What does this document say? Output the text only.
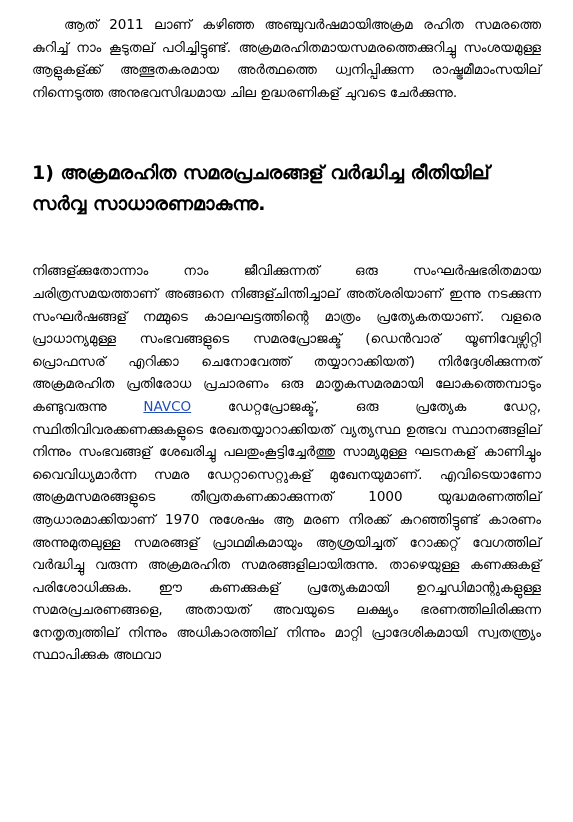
ആത് 2011 ലാണ് കഴിഞ്ഞ അഞ്ചുവര്‍ഷമായിഅക്രമ രഹിത സമരത്തെ കുറിച്ച് നാം കൂടുതല് പഠിച്ചിട്ടുണ്ട്. അക്രമരഹിതമായസമരത്തെക്കുറിച്ചു സംശയമുള്ള ആളുകള്ക്ക് അത്ഭുതകരമായ അര്‍ത്ഥത്തെ ധ്വനിപ്പിക്കുന്ന രാഷ്ട്രമീമാംസയില് നിന്നെടുത്ത അനുഭവസിദ്ധമായ ചില ഉദ്ധരണികള് ചുവടെ ചേര്‍ക്കുന്നു.

1) അക്രമരഹിത സമരപ്രചരങ്ങള് വര്‍ദ്ധിച്ച രീതിയില് സര്‍വ്വ സാധാരണമാകുന്നു.

നിങ്ങള്ക്കുതോന്നാം നാം ജീവിക്കുന്നത് ഒരു സംഘര്‍ഷഭരിതമായ ചരിത്രസമയത്താണ് അങ്ങനെ നിങ്ങള്ചിന്തിച്ചാല് അത്ശരിയാണ് ഇന്നു നടക്കുന്ന സംഘര്‍ഷങ്ങള് നമ്മുടെ കാലഘട്ടത്തിന്റെ മാത്രം പ്രത്യേകതയാണ്. വളരെ പ്രാധാന്യമുള്ള സംഭവങ്ങളുടെ സമരപ്രോജക്ട് (ഡെന്‍വാര് യൂണിവേഴ്സിറ്റി പ്രൊഫസര് എറിക്കാ ചെനോവേത്ത് തയ്യാറാക്കിയത്) നിര്‍ദ്ദേശിക്കുന്നത് അക്രമരഹിത പ്രതിരോധ പ്രചാരണം ഒരു മാതൃകസമരമായി ലോകത്തെമ്പാടും കണ്ടുവരുന്നു NAVCO ഡേറ്റപ്രോജക്ട്, ഒരു പ്രത്യേക ഡേറ്റ, സ്ഥിതിവിവരക്കണക്കുകളുടെ രേഖതയ്യാറാക്കിയത് വ്യത്യസ്ഥ ഉത്ഭവ സ്ഥാനങ്ങളില് നിന്നും സംഭവങ്ങള് ശേഖരിച്ചു പലതുംകൂട്ടിച്ചേര്‍ത്തു സാമ്യമുള്ള ഘടനകള് കാണിച്ചും വൈവിധ്യമാര്‍ന്ന സമര ഡേറ്റാസെറ്റുകള് മുഖേനയുമാണ്. എവിടെയാണോ അക്രമസമരങ്ങളുടെ തീവ്രതകണക്കാക്കുന്നത് 1000 യുദ്ധമരണത്തില് ആധാരമാക്കിയാണ് 1970 നുശേഷം ആ മരണ നിരക്ക് കുറഞ്ഞിട്ടുണ്ട് കാരണം അന്നുമുതലുള്ള സമരങ്ങള് പ്രാഥമികമായും ആശ്രയിച്ചത് റോക്കറ്റ് വേഗത്തില് വര്‍ദ്ധിച്ചു വരുന്ന അക്രമരഹിത സമരങ്ങളിലായിരുന്നു. താഴെയുള്ള കണക്കുകള് പരിശോധിക്കുക. ഈ കണക്കുകള് പ്രത്യേകമായി ഉറച്ചഡിമാന്റുകളുള്ള സമരപ്രചരണങ്ങളെ, അതായത് അവയുടെ ലക്ഷ്യം ഭരണത്തിലിരിക്കുന്ന നേതൃത്വത്തില് നിന്നും അധികാരത്തില് നിന്നും മാറ്റി പ്രാദേശികമായി സ്വതന്ത്ര്യം സ്ഥാപിക്കുക അഥവാ
